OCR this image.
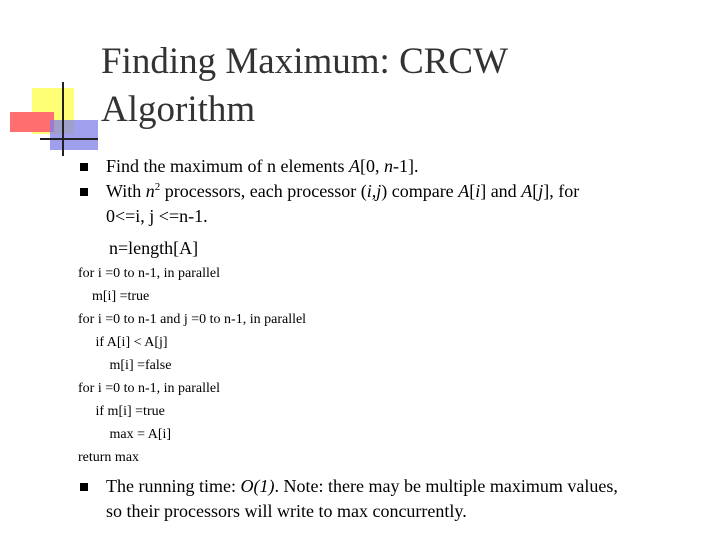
Finding Maximum: CRCW
Algorithm
Find the maximum of n elements A[0, n-1].
With $n^2$ processors, each processor (i,j) compare A[i] and A[j], for
0<=i, j <=n-1.
n=length[A]
for i =0 to n-1, in parallel
m[i] =true
for i =0 to n-1 and j =0 to n-1, in parallel
if A[i] < A[j]
m[i] =false
for i =0 to n-1, in parallel
if m[i] =true
max = A[i]
return max
The running time: O(1). Note: there may be multiple maximum values,
so their processors will write to max concurrently.
